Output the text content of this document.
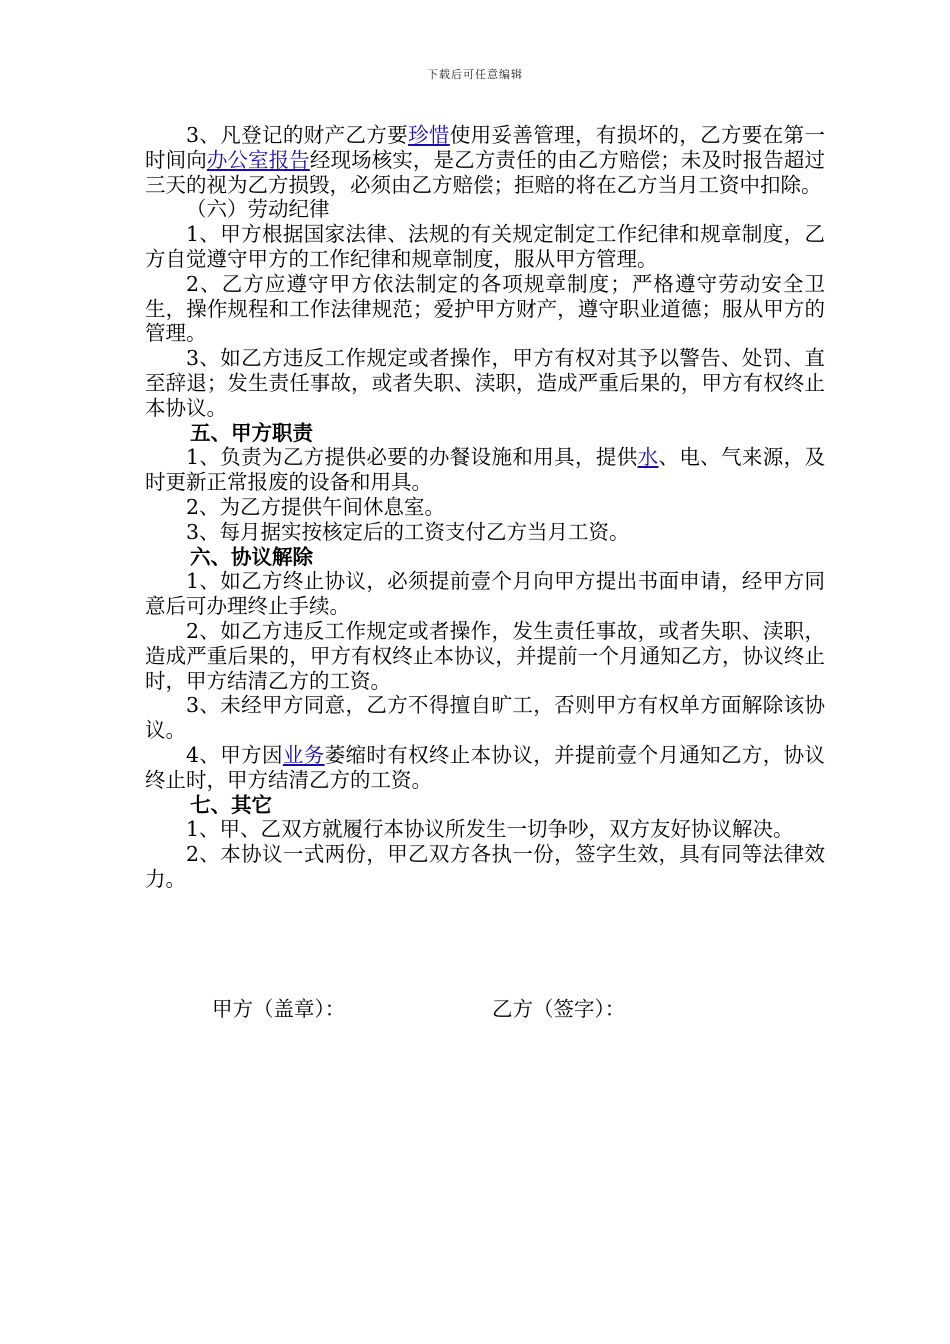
下载后可任意编辑

3、凡登记的财产乙方要珍惜使用妥善管理，有损坏的，乙方要在第一时间向办公室报告经现场核实，是乙方责任的由乙方赔偿；未及时报告超过三天的视为乙方损毁，必须由乙方赔偿；拒赔的将在乙方当月工资中扣除。

（六）劳动纪律

1、甲方根据国家法律、法规的有关规定制定工作纪律和规章制度，乙方自觉遵守甲方的工作纪律和规章制度，服从甲方管理。

2、乙方应遵守甲方依法制定的各项规章制度；严格遵守劳动安全卫生，操作规程和工作法律规范；爱护甲方财产，遵守职业道德；服从甲方的管理。

3、如乙方违反工作规定或者操作，甲方有权对其予以警告、处罚、直至辞退；发生责任事故，或者失职、渎职，造成严重后果的，甲方有权终止本协议。

五、甲方职责

1、负责为乙方提供必要的办餐设施和用具，提供水、电、气来源，及时更新正常报废的设备和用具。

2、为乙方提供午间休息室。

3、每月据实按核定后的工资支付乙方当月工资。

六、协议解除

1、如乙方终止协议，必须提前壹个月向甲方提出书面申请，经甲方同意后可办理终止手续。

2、如乙方违反工作规定或者操作，发生责任事故，或者失职、渎职，造成严重后果的，甲方有权终止本协议，并提前一个月通知乙方，协议终止时，甲方结清乙方的工资。

3、未经甲方同意，乙方不得擅自旷工，否则甲方有权单方面解除该协议。

4、甲方因业务萎缩时有权终止本协议，并提前壹个月通知乙方，协议终止时，甲方结清乙方的工资。

七、其它

1、甲、乙双方就履行本协议所发生一切争吵，双方友好协议解决。

2、本协议一式两份，甲乙双方各执一份，签字生效，具有同等法律效力。

甲方（盖章）：	乙方（签字）：
